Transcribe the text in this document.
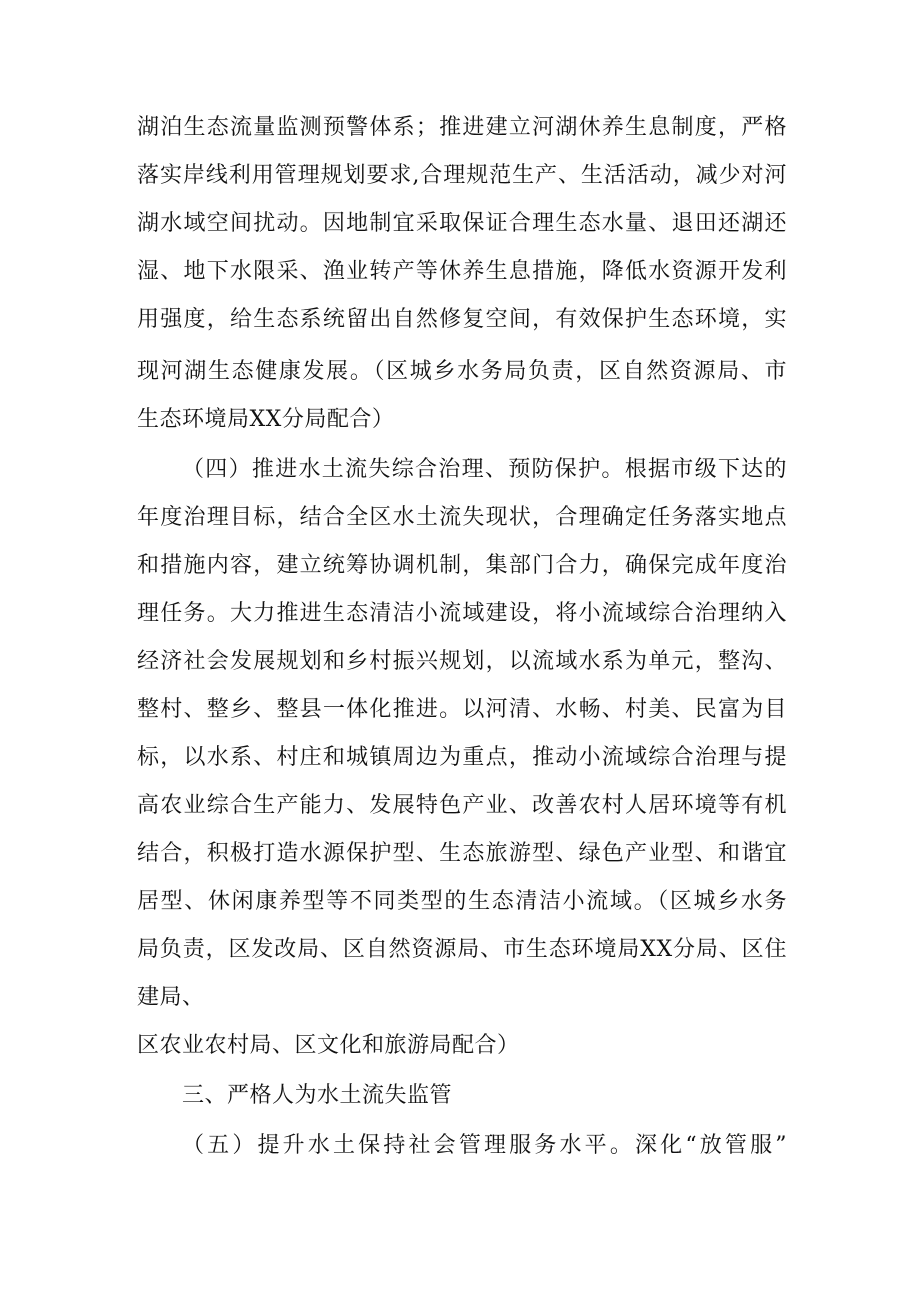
湖泊生态流量监测预警体系；推进建立河湖休养生息制度，严格
落实岸线利用管理规划要求,合理规范生产、生活活动，减少对河
湖水域空间扰动。因地制宜采取保证合理生态水量、退田还湖还
湿、地下水限采、渔业转产等休养生息措施，降低水资源开发利
用强度，给生态系统留出自然修复空间，有效保护生态环境，实
现河湖生态健康发展。（区城乡水务局负责，区自然资源局、市
生态环境局XX分局配合）
（四）推进水土流失综合治理、预防保护。根据市级下达的
年度治理目标，结合全区水土流失现状，合理确定任务落实地点
和措施内容，建立统筹协调机制，集部门合力，确保完成年度治
理任务。大力推进生态清洁小流域建设，将小流域综合治理纳入
经济社会发展规划和乡村振兴规划，以流域水系为单元，整沟、
整村、整乡、整县一体化推进。以河清、水畅、村美、民富为目
标，以水系、村庄和城镇周边为重点，推动小流域综合治理与提
高农业综合生产能力、发展特色产业、改善农村人居环境等有机
结合，积极打造水源保护型、生态旅游型、绿色产业型、和谐宜
居型、休闲康养型等不同类型的生态清洁小流域。（区城乡水务
局负责，区发改局、区自然资源局、市生态环境局XX分局、区住
建局、
区农业农村局、区文化和旅游局配合）
三、严格人为水土流失监管
（五）提升水土保持社会管理服务水平。深化“放管服”
